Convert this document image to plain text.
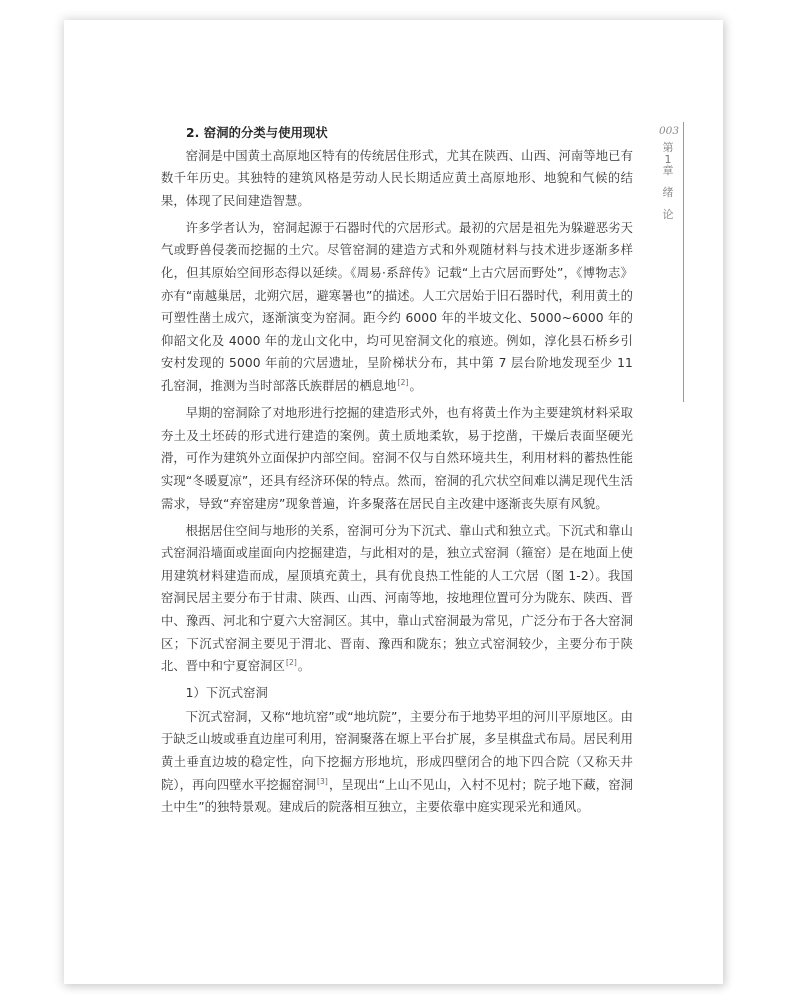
2. 窑洞的分类与使用现状

窑洞是中国黄土高原地区特有的传统居住形式，尤其在陕西、山西、河南等地已有数千年历史。其独特的建筑风格是劳动人民长期适应黄土高原地形、地貌和气候的结果，体现了民间建造智慧。

许多学者认为，窑洞起源于石器时代的穴居形式。最初的穴居是祖先为躲避恶劣天气或野兽侵袭而挖掘的土穴。尽管窑洞的建造方式和外观随材料与技术进步逐渐多样化，但其原始空间形态得以延续。《周易·系辞传》记载“上古穴居而野处”，《博物志》亦有“南越巢居，北朔穴居，避寒暑也”的描述。人工穴居始于旧石器时代，利用黄土的可塑性凿土成穴，逐渐演变为窑洞。距今约 6000 年的半坡文化、5000~6000 年的仰韶文化及 4000 年的龙山文化中，均可见窑洞文化的痕迹。例如，淳化县石桥乡引安村发现的 5000 年前的穴居遗址，呈阶梯状分布，其中第 7 层台阶地发现至少 11 孔窑洞，推测为当时部落氏族群居的栖息地[2]。

早期的窑洞除了对地形进行挖掘的建造形式外，也有将黄土作为主要建筑材料采取夯土及土坯砖的形式进行建造的案例。黄土质地柔软，易于挖凿，干燥后表面坚硬光滑，可作为建筑外立面保护内部空间。窑洞不仅与自然环境共生，利用材料的蓄热性能实现“冬暖夏凉”，还具有经济环保的特点。然而，窑洞的孔穴状空间难以满足现代生活需求，导致“弃窑建房”现象普遍，许多聚落在居民自主改建中逐渐丧失原有风貌。

根据居住空间与地形的关系，窑洞可分为下沉式、靠山式和独立式。下沉式和靠山式窑洞沿墙面或崖面向内挖掘建造，与此相对的是，独立式窑洞（箍窑）是在地面上使用建筑材料建造而成，屋顶填充黄土，具有优良热工性能的人工穴居（图 1-2）。我国窑洞民居主要分布于甘肃、陕西、山西、河南等地，按地理位置可分为陇东、陕西、晋中、豫西、河北和宁夏六大窑洞区。其中，靠山式窑洞最为常见，广泛分布于各大窑洞区；下沉式窑洞主要见于渭北、晋南、豫西和陇东；独立式窑洞较少，主要分布于陕北、晋中和宁夏窑洞区[2]。

1）下沉式窑洞

下沉式窑洞，又称“地坑窑”或“地坑院”，主要分布于地势平坦的河川平原地区。由于缺乏山坡或垂直边崖可利用，窑洞聚落在塬上平台扩展，多呈棋盘式布局。居民利用黄土垂直边坡的稳定性，向下挖掘方形地坑，形成四壁闭合的地下四合院（又称天井院），再向四壁水平挖掘窑洞[3]，呈现出“上山不见山，入村不见村；院子地下藏，窑洞土中生”的独特景观。建成后的院落相互独立，主要依靠中庭实现采光和通风。

003
第
1
章
绪
论
